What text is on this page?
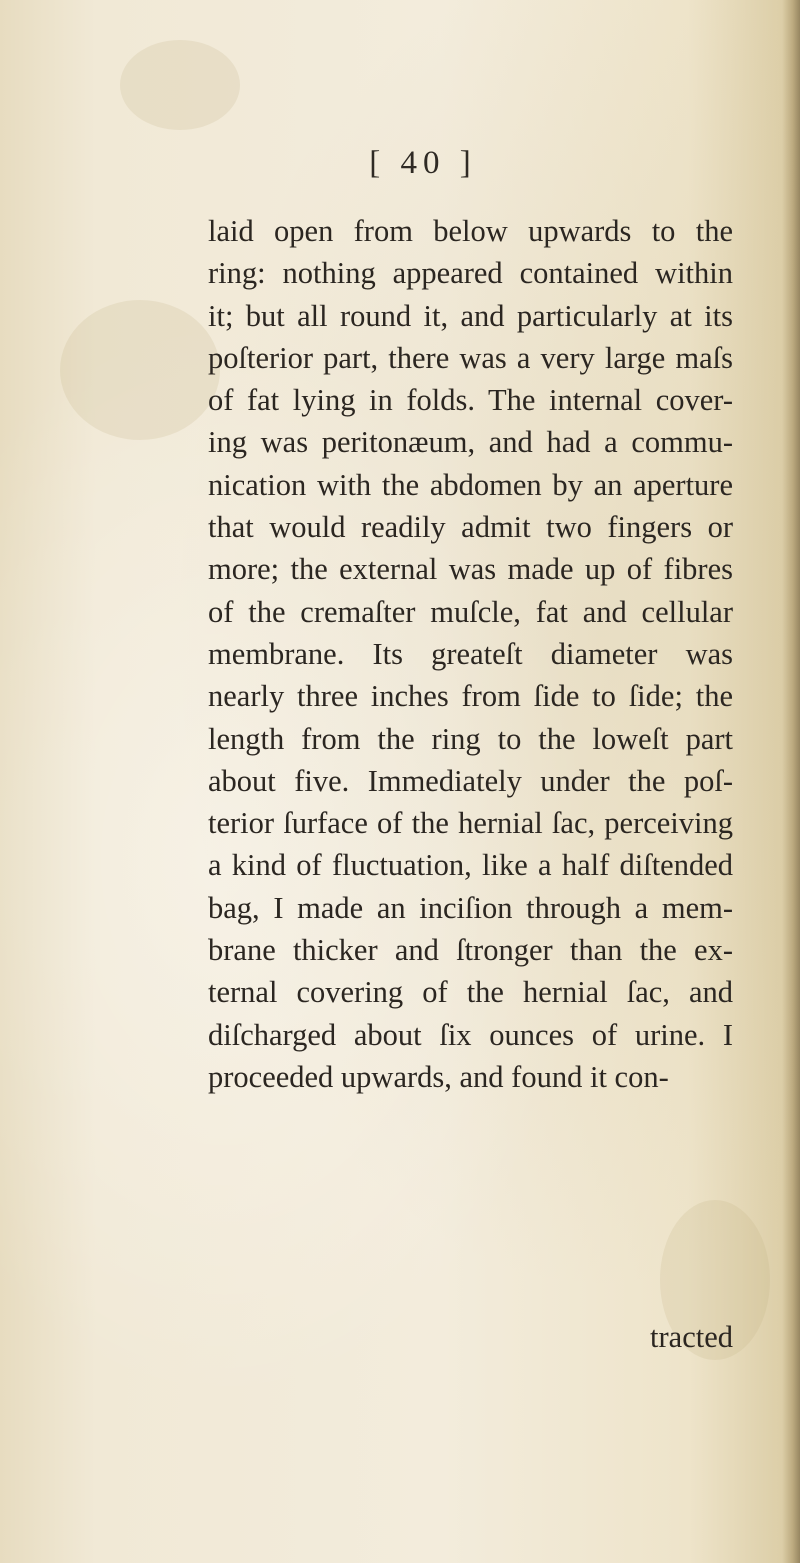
[ 40 ]
laid open from below upwards to the
ring: nothing appeared contained within
it; but all round it, and particularly at its
poſterior part, there was a very large maſs
of fat lying in folds. The internal cover-
ing was peritonæum, and had a commu-
nication with the abdomen by an aperture
that would readily admit two fingers or
more; the external was made up of fibres
of the cremaſter muſcle, fat and cellular
membrane. Its greateſt diameter was
nearly three inches from ſide to ſide; the
length from the ring to the loweſt part
about five. Immediately under the poſ-
terior ſurface of the hernial ſac, perceiving
a kind of fluctuation, like a half diſtended
bag, I made an inciſion through a mem-
brane thicker and ſtronger than the ex-
ternal covering of the hernial ſac, and
diſcharged about ſix ounces of urine. I
proceeded upwards, and found it con-
tracted
